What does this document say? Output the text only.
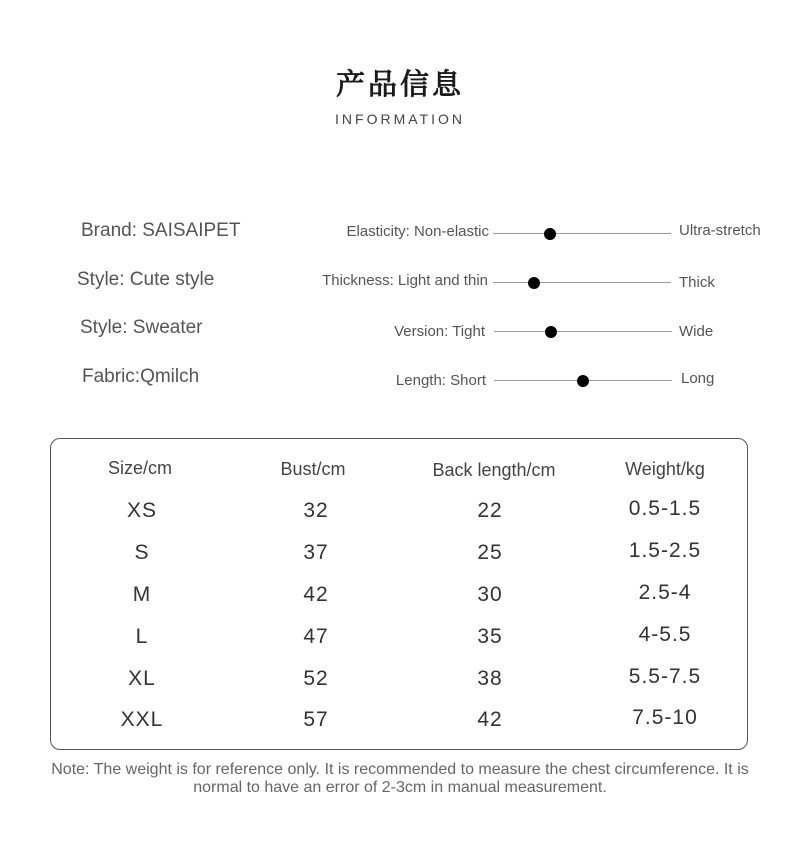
产品信息
INFORMATION
Brand: SAISAIPET
Style: Cute style
Style: Sweater
Fabric:Qmilch
Elasticity: Non-elastic	Ultra-stretch
Thickness: Light and thin	Thick
Version: Tight	Wide
Length: Short	Long
Size/cm	Bust/cm	Back length/cm	Weight/kg
XS	32	22	0.5-1.5
S	37	25	1.5-2.5
M	42	30	2.5-4
L	47	35	4-5.5
XL	52	38	5.5-7.5
XXL	57	42	7.5-10
Note: The weight is for reference only. It is recommended to measure the chest circumference. It is normal to have an error of 2-3cm in manual measurement.
